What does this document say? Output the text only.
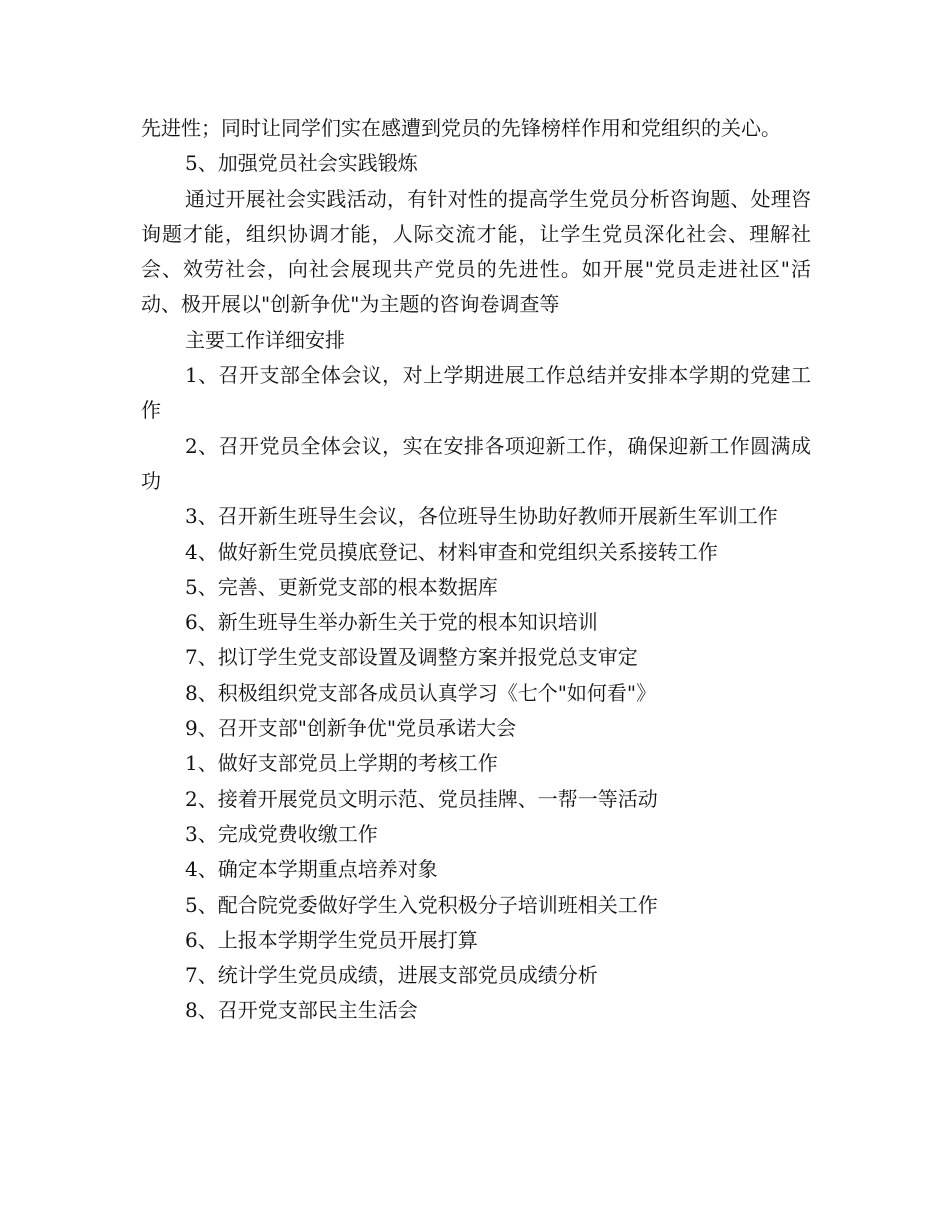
先进性；同时让同学们实在感遭到党员的先锋榜样作用和党组织的关心。

5、加强党员社会实践锻炼

通过开展社会实践活动，有针对性的提高学生党员分析咨询题、处理咨询题才能，组织协调才能，人际交流才能，让学生党员深化社会、理解社会、效劳社会，向社会展现共产党员的先进性。如开展"党员走进社区"活动、极开展以"创新争优"为主题的咨询卷调查等

主要工作详细安排

1、召开支部全体会议，对上学期进展工作总结并安排本学期的党建工作

2、召开党员全体会议，实在安排各项迎新工作，确保迎新工作圆满成功

3、召开新生班导生会议，各位班导生协助好教师开展新生军训工作

4、做好新生党员摸底登记、材料审查和党组织关系接转工作

5、完善、更新党支部的根本数据库

6、新生班导生举办新生关于党的根本知识培训

7、拟订学生党支部设置及调整方案并报党总支审定

8、积极组织党支部各成员认真学习《七个"如何看"》

9、召开支部"创新争优"党员承诺大会

1、做好支部党员上学期的考核工作

2、接着开展党员文明示范、党员挂牌、一帮一等活动

3、完成党费收缴工作

4、确定本学期重点培养对象

5、配合院党委做好学生入党积极分子培训班相关工作

6、上报本学期学生党员开展打算

7、统计学生党员成绩，进展支部党员成绩分析

8、召开党支部民主生活会
